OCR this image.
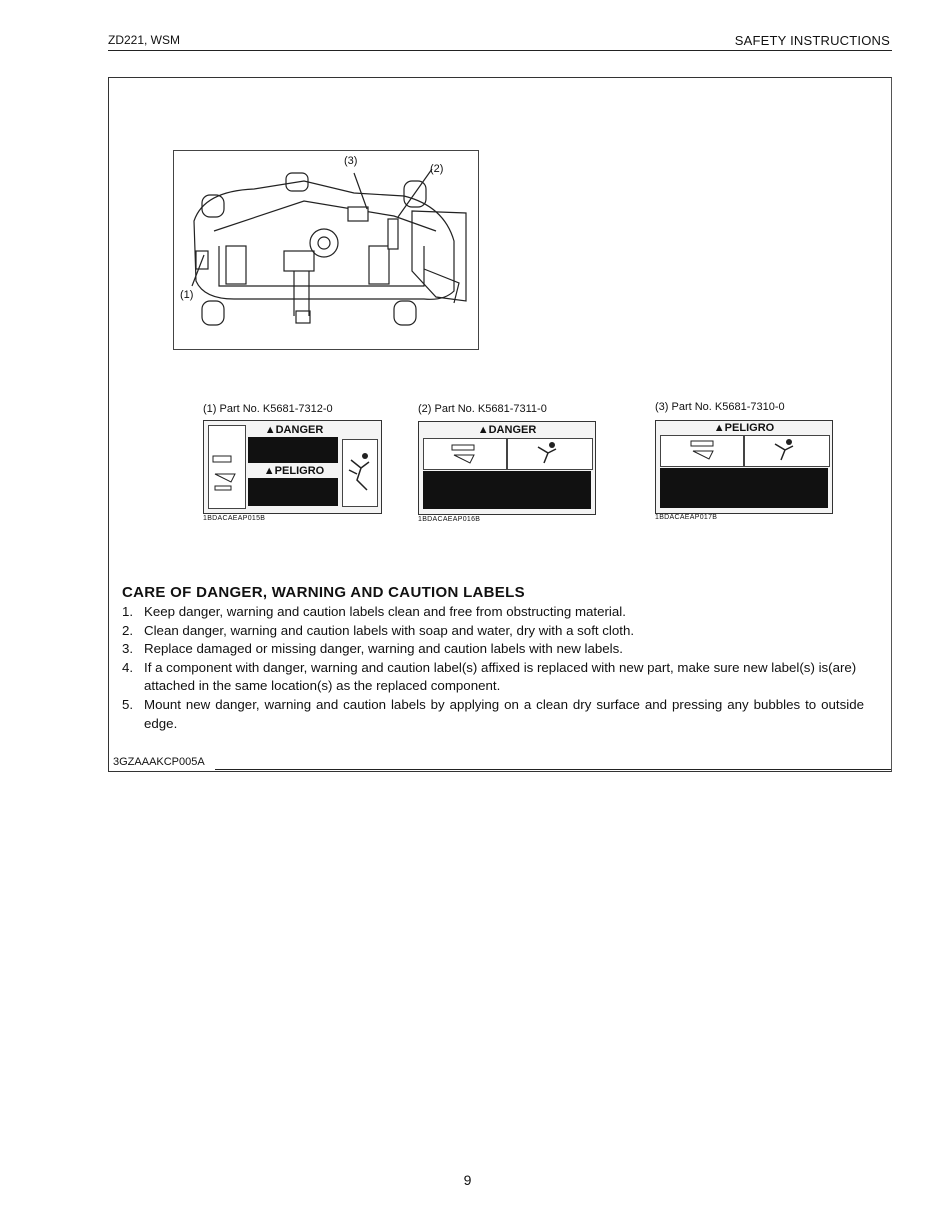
ZD221, WSM	SAFETY INSTRUCTIONS
(3)
(2)
(1)
(1) Part No. K5681-7312-0
▲DANGER
▲PELIGRO
1BDACAEAP015B
(2) Part No. K5681-7311-0
▲DANGER
1BDACAEAP016B
(3) Part No. K5681-7310-0
▲PELIGRO
1BDACAEAP017B
CARE OF DANGER, WARNING AND CAUTION LABELS
1. Keep danger, warning and caution labels clean and free from obstructing material.
2. Clean danger, warning and caution labels with soap and water, dry with a soft cloth.
3. Replace damaged or missing danger, warning and caution labels with new labels.
4. If a component with danger, warning and caution label(s) affixed is replaced with new part, make sure new label(s) is(are) attached in the same location(s) as the replaced component.
5. Mount new danger, warning and caution labels by applying on a clean dry surface and pressing any bubbles to outside edge.
3GZAAAKCP005A
9
